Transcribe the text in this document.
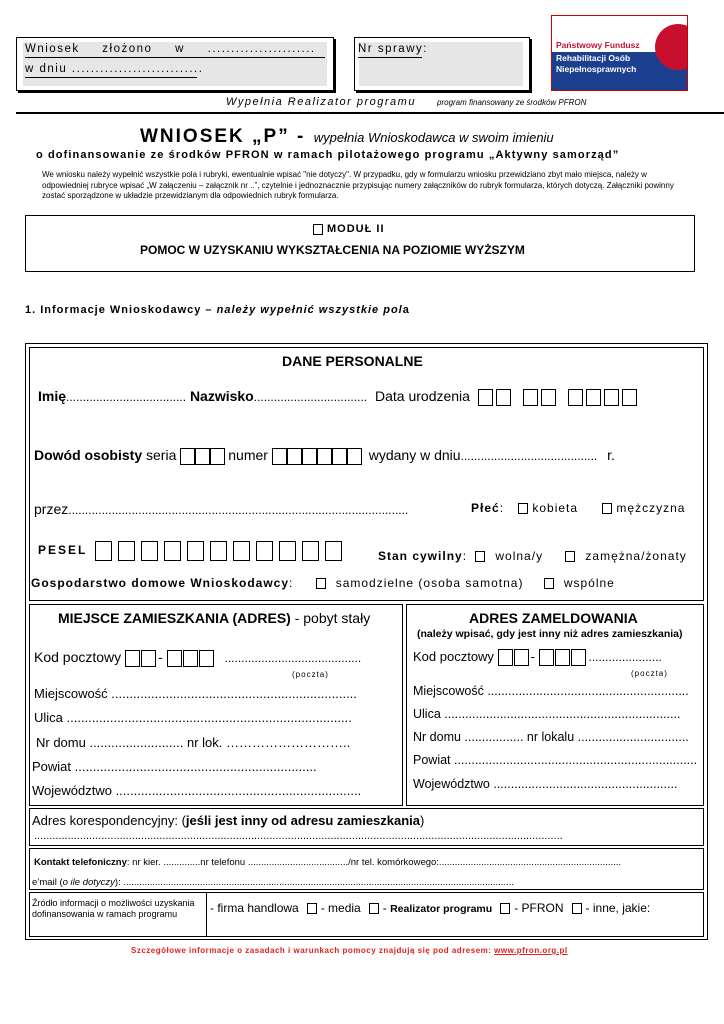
Wniosek złożono w .......................
w dniu ............................
Nr sprawy:	Państwowy Fundusz
Rehabilitacji Osób
Niepełnosprawnych
Wypełnia Realizator programu	program finansowany ze środków PFRON
WNIOSEK „P” - wypełnia Wnioskodawca w swoim imieniu
o dofinansowanie ze środków PFRON w ramach pilotażowego programu „Aktywny samorząd”
We wniosku należy wypełnić wszystkie pola i rubryki, ewentualnie wpisać "nie dotyczy". W przypadku, gdy w formularzu wniosku przewidziano zbyt mało miejsca, należy w odpowiedniej rubryce wpisać „W załączeniu – załącznik nr ..”, czytelnie i jednoznacznie przypisując numery załączników do rubryk formularza, których dotyczą. Załączniki powinny zostać sporządzone w układzie przewidzianym dla odpowiednich rubryk formularza.
MODUŁ II
POMOC W UZYSKANIU WYKSZTAŁCENIA NA POZIOMIE WYŻSZYM
1. Informacje Wnioskodawcy – należy wypełnić wszystkie pola
DANE PERSONALNE
Imię.................................... Nazwisko.................................. Data urodzenia
Dowód osobisty seria	numer	wydany w dniu......................................... r.
przez......................................................................................................	Płeć: kobieta	mężczyzna
PESEL	Stan cywilny: wolna/y	zamężna/żonaty
Gospodarstwo domowe Wnioskodawcy:	samodzielne (osoba samotna)	wspólne
MIEJSCE ZAMIESZKANIA (ADRES) - pobyt stały
Kod pocztowy	-	.........................................
(poczta)
Miejscowość ....................................................................
Ulica ...............................................................................
Nr domu .......................... nr lok. ………………………..
Powiat ...................................................................
Województwo ....................................................................
ADRES ZAMELDOWANIA
(należy wpisać, gdy jest inny niż adres zamieszkania)
Kod pocztowy	-	......................
(poczta)
Miejscowość ..........................................................
Ulica ....................................................................
Nr domu ................. nr lokalu ................................
Powiat ......................................................................
Województwo .....................................................
Adres korespondencyjny: (jeśli jest inny od adresu zamieszkania)
.............................................................................................................................................................................
Kontakt telefoniczny: nr kier. ..............nr telefonu ....................................../nr tel. komórkowego:.....................................................................
e’mail (o ile dotyczy): ....................................................................................................................................................
Źródło informacji o możliwości uzyskania dofinansowania w ramach programu	- firma handlowa - media - Realizator programu - PFRON - inne, jakie:
Szczegółowe informacje o zasadach i warunkach pomocy znajdują się pod adresem: www.pfron.org.pl
